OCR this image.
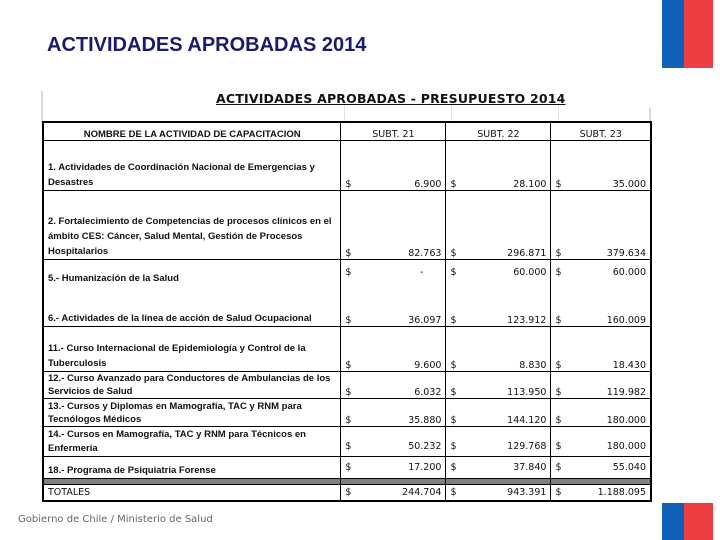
ACTIVIDADES APROBADAS 2014
ACTIVIDADES APROBADAS - PRESUPUESTO 2014
NOMBRE DE LA ACTIVIDAD DE CAPACITACION	SUBT. 21	SUBT. 22	SUBT. 23
1. Actividades de Coordinación Nacional de Emergencias y Desastres	$ 6.900	$ 28.100	$ 35.000

2. Fortalecimiento de Competencias de procesos clínicos en el ámbito CES: Cáncer, Salud Mental, Gestión de Procesos Hospitalarios	$ 82.763	$ 296.871	$ 379.634

5.- Humanización de la Salud	$ -	$ 60.000	$ 60.000

6.- Actividades de la línea de acción de Salud Ocupacional	$ 36.097	$ 123.912	$ 160.009

11.- Curso Internacional de Epidemiología y Control de la Tuberculosis	$ 9.600	$ 8.830	$ 18.430

12.- Curso Avanzado para Conductores de Ambulancias de los Servicios de Salud	$ 6.032	$ 113.950	$ 119.982

13.- Cursos y Diplomas en Mamografía, TAC y RNM para Tecnólogos Médicos	$ 35.880	$ 144.120	$ 180.000

14.- Cursos en Mamografía, TAC y RNM para Técnicos en Enfermería	$ 50.232	$ 129.768	$ 180.000

18.- Programa de Psiquiatría Forense	$ 17.200	$ 37.840	$ 55.040

TOTALES	$ 244.704	$ 943.391	$ 1.188.095
Gobierno de Chile / Ministerio de Salud
